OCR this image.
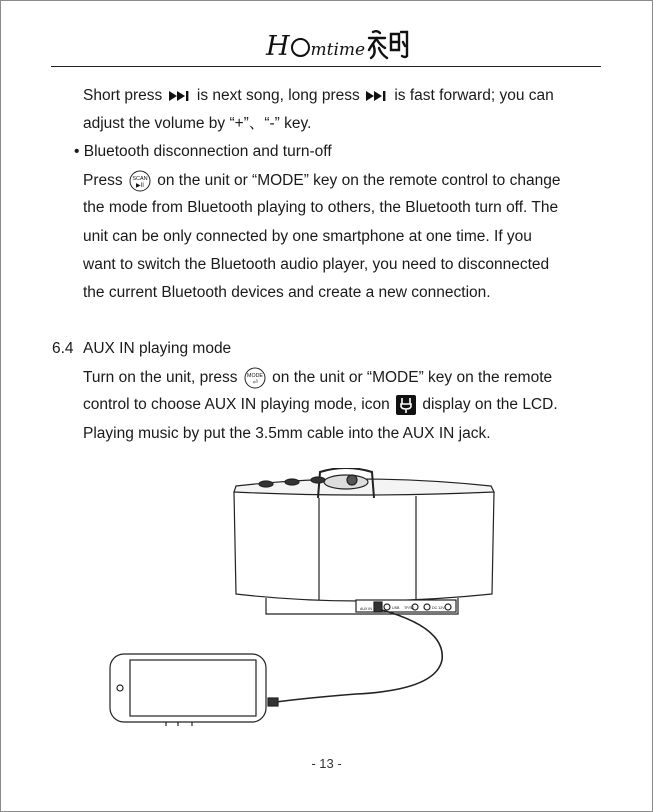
H mtime
Short press is next song, long press is fast forward; you can
adjust the volume by “+”、“-” key.
• Bluetooth disconnection and turn-off
Press SCAN
▶II on the unit or “MODE” key on the remote control to change
the mode from Bluetooth playing to others, the Bluetooth turn off. The
unit can be only connected by one smartphone at one time. If you
want to switch the Bluetooth audio player, you need to disconnected
the current Bluetooth devices and create a new connection.
6.4 AUX IN playing mode
Turn on the unit, press MODE
⏎ on the unit or “MODE” key on the remote
control to choose AUX IN playing mode, icon display on the LCD.
Playing music by put the 3.5mm cable into the AUX IN jack.
AUX IN	USB TF/SD	DC 12V
- 13 -
